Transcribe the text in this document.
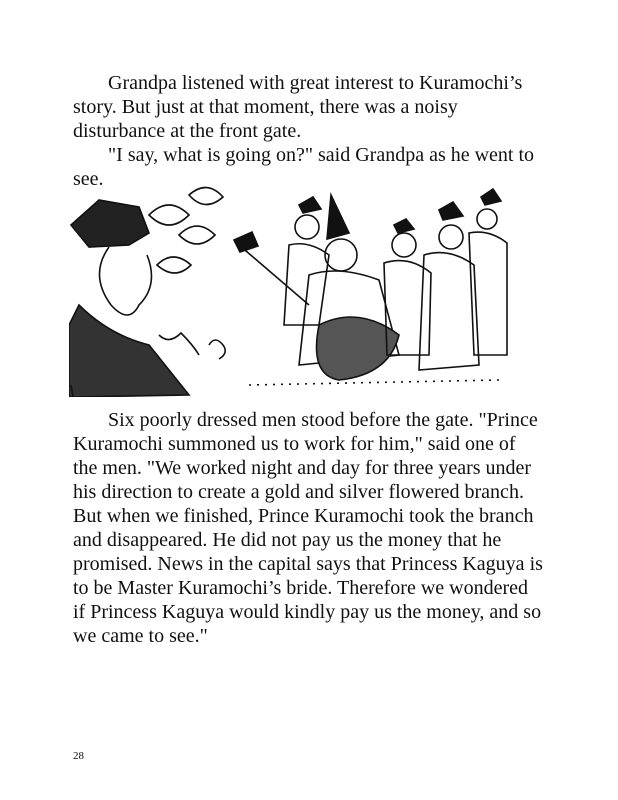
Grandpa listened with great interest to Kuramochi’s story. But just at that moment, there was a noisy disturbance at the front gate.

"I say, what is going on?" said Grandpa as he went to see.

Six poorly dressed men stood before the gate. "Prince Kuramochi summoned us to work for him," said one of the men. "We worked night and day for three years under his direction to create a gold and silver flowered branch. But when we finished, Prince Kuramochi took the branch and disappeared. He did not pay us the money that he promised. News in the capital says that Princess Kaguya is to be Master Kuramochi’s bride. Therefore we wondered if Princess Kaguya would kindly pay us the money, and so we came to see."

28
